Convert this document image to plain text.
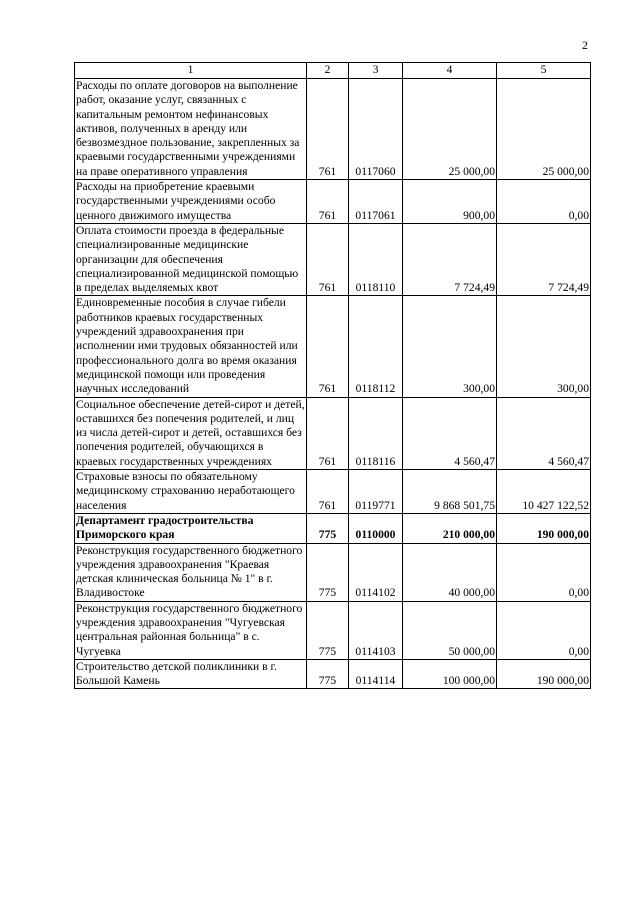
2
1	2	3	4	5
Расходы по оплате договоров на выполнение работ, оказание услуг, связанных с капитальным ремонтом нефинансовых активов, полученных в аренду или безвозмездное пользование, закрепленных за краевыми государственными учреждениями на праве оперативного управления	761	0117060	25 000,00	25 000,00
Расходы на приобретение краевыми государственными учреждениями особо ценного движимого имущества	761	0117061	900,00	0,00
Оплата стоимости проезда в федеральные специализированные медицинские организации для обеспечения специализированной медицинской помощью в пределах выделяемых квот	761	0118110	7 724,49	7 724,49
Единовременные пособия в случае гибели работников краевых государственных учреждений здравоохранения при исполнении ими трудовых обязанностей или профессионального долга во время оказания медицинской помощи или проведения научных исследований	761	0118112	300,00	300,00
Социальное обеспечение детей-сирот и детей, оставшихся без попечения родителей, и лиц из числа детей-сирот и детей, оставшихся без попечения родителей, обучающихся в краевых государственных учреждениях	761	0118116	4 560,47	4 560,47
Страховые взносы по обязательному медицинскому страхованию неработающего населения	761	0119771	9 868 501,75	10 427 122,52
Департамент градостроительства Приморского края	775	0110000	210 000,00	190 000,00
Реконструкция государственного бюджетного учреждения здравоохранения "Краевая детская клиническая больница № 1" в г. Владивостоке	775	0114102	40 000,00	0,00
Реконструкция государственного бюджетного учреждения здравоохранения "Чугуевская центральная районная больница" в с. Чугуевка	775	0114103	50 000,00	0,00
Строительство детской поликлиники в г. Большой Камень	775	0114114	100 000,00	190 000,00
